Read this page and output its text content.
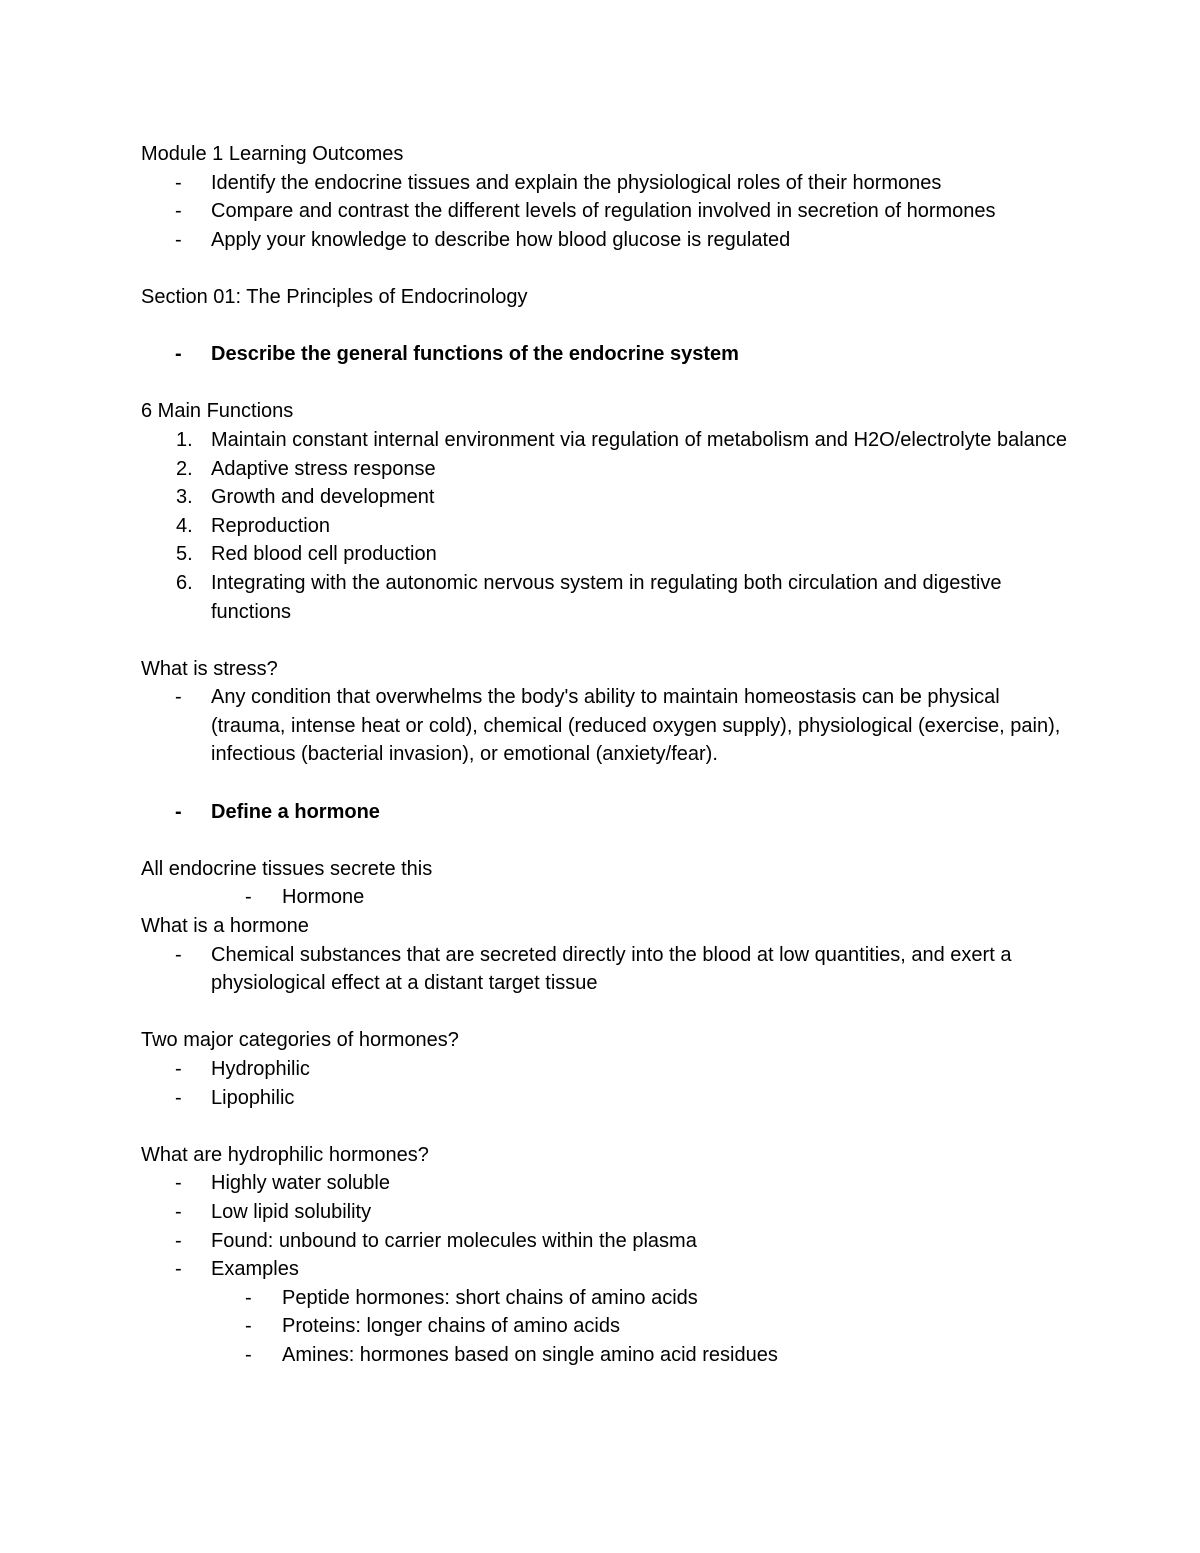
Module 1 Learning Outcomes

-	Identify the endocrine tissues and explain the physiological roles of their hormones
-	Compare and contrast the different levels of regulation involved in secretion of hormones
-	Apply your knowledge to describe how blood glucose is regulated

Section 01: The Principles of Endocrinology

-	Describe the general functions of the endocrine system

6 Main Functions

1. Maintain constant internal environment via regulation of metabolism and H2O/electrolyte balance
2. Adaptive stress response
3. Growth and development
4. Reproduction
5. Red blood cell production
6. Integrating with the autonomic nervous system in regulating both circulation and digestive functions

What is stress?

-	Any condition that overwhelms the body's ability to maintain homeostasis can be physical (trauma, intense heat or cold), chemical (reduced oxygen supply), physiological (exercise, pain), infectious (bacterial invasion), or emotional (anxiety/fear).
-	Define a hormone

All endocrine tissues secrete this

-	Hormone

What is a hormone

-	Chemical substances that are secreted directly into the blood at low quantities, and exert a physiological effect at a distant target tissue

Two major categories of hormones?

-	Hydrophilic
-	Lipophilic

What are hydrophilic hormones?

-	Highly water soluble
-	Low lipid solubility
-	Found: unbound to carrier molecules within the plasma
-	Examples
-	Peptide hormones: short chains of amino acids
-	Proteins: longer chains of amino acids
-	Amines: hormones based on single amino acid residues
